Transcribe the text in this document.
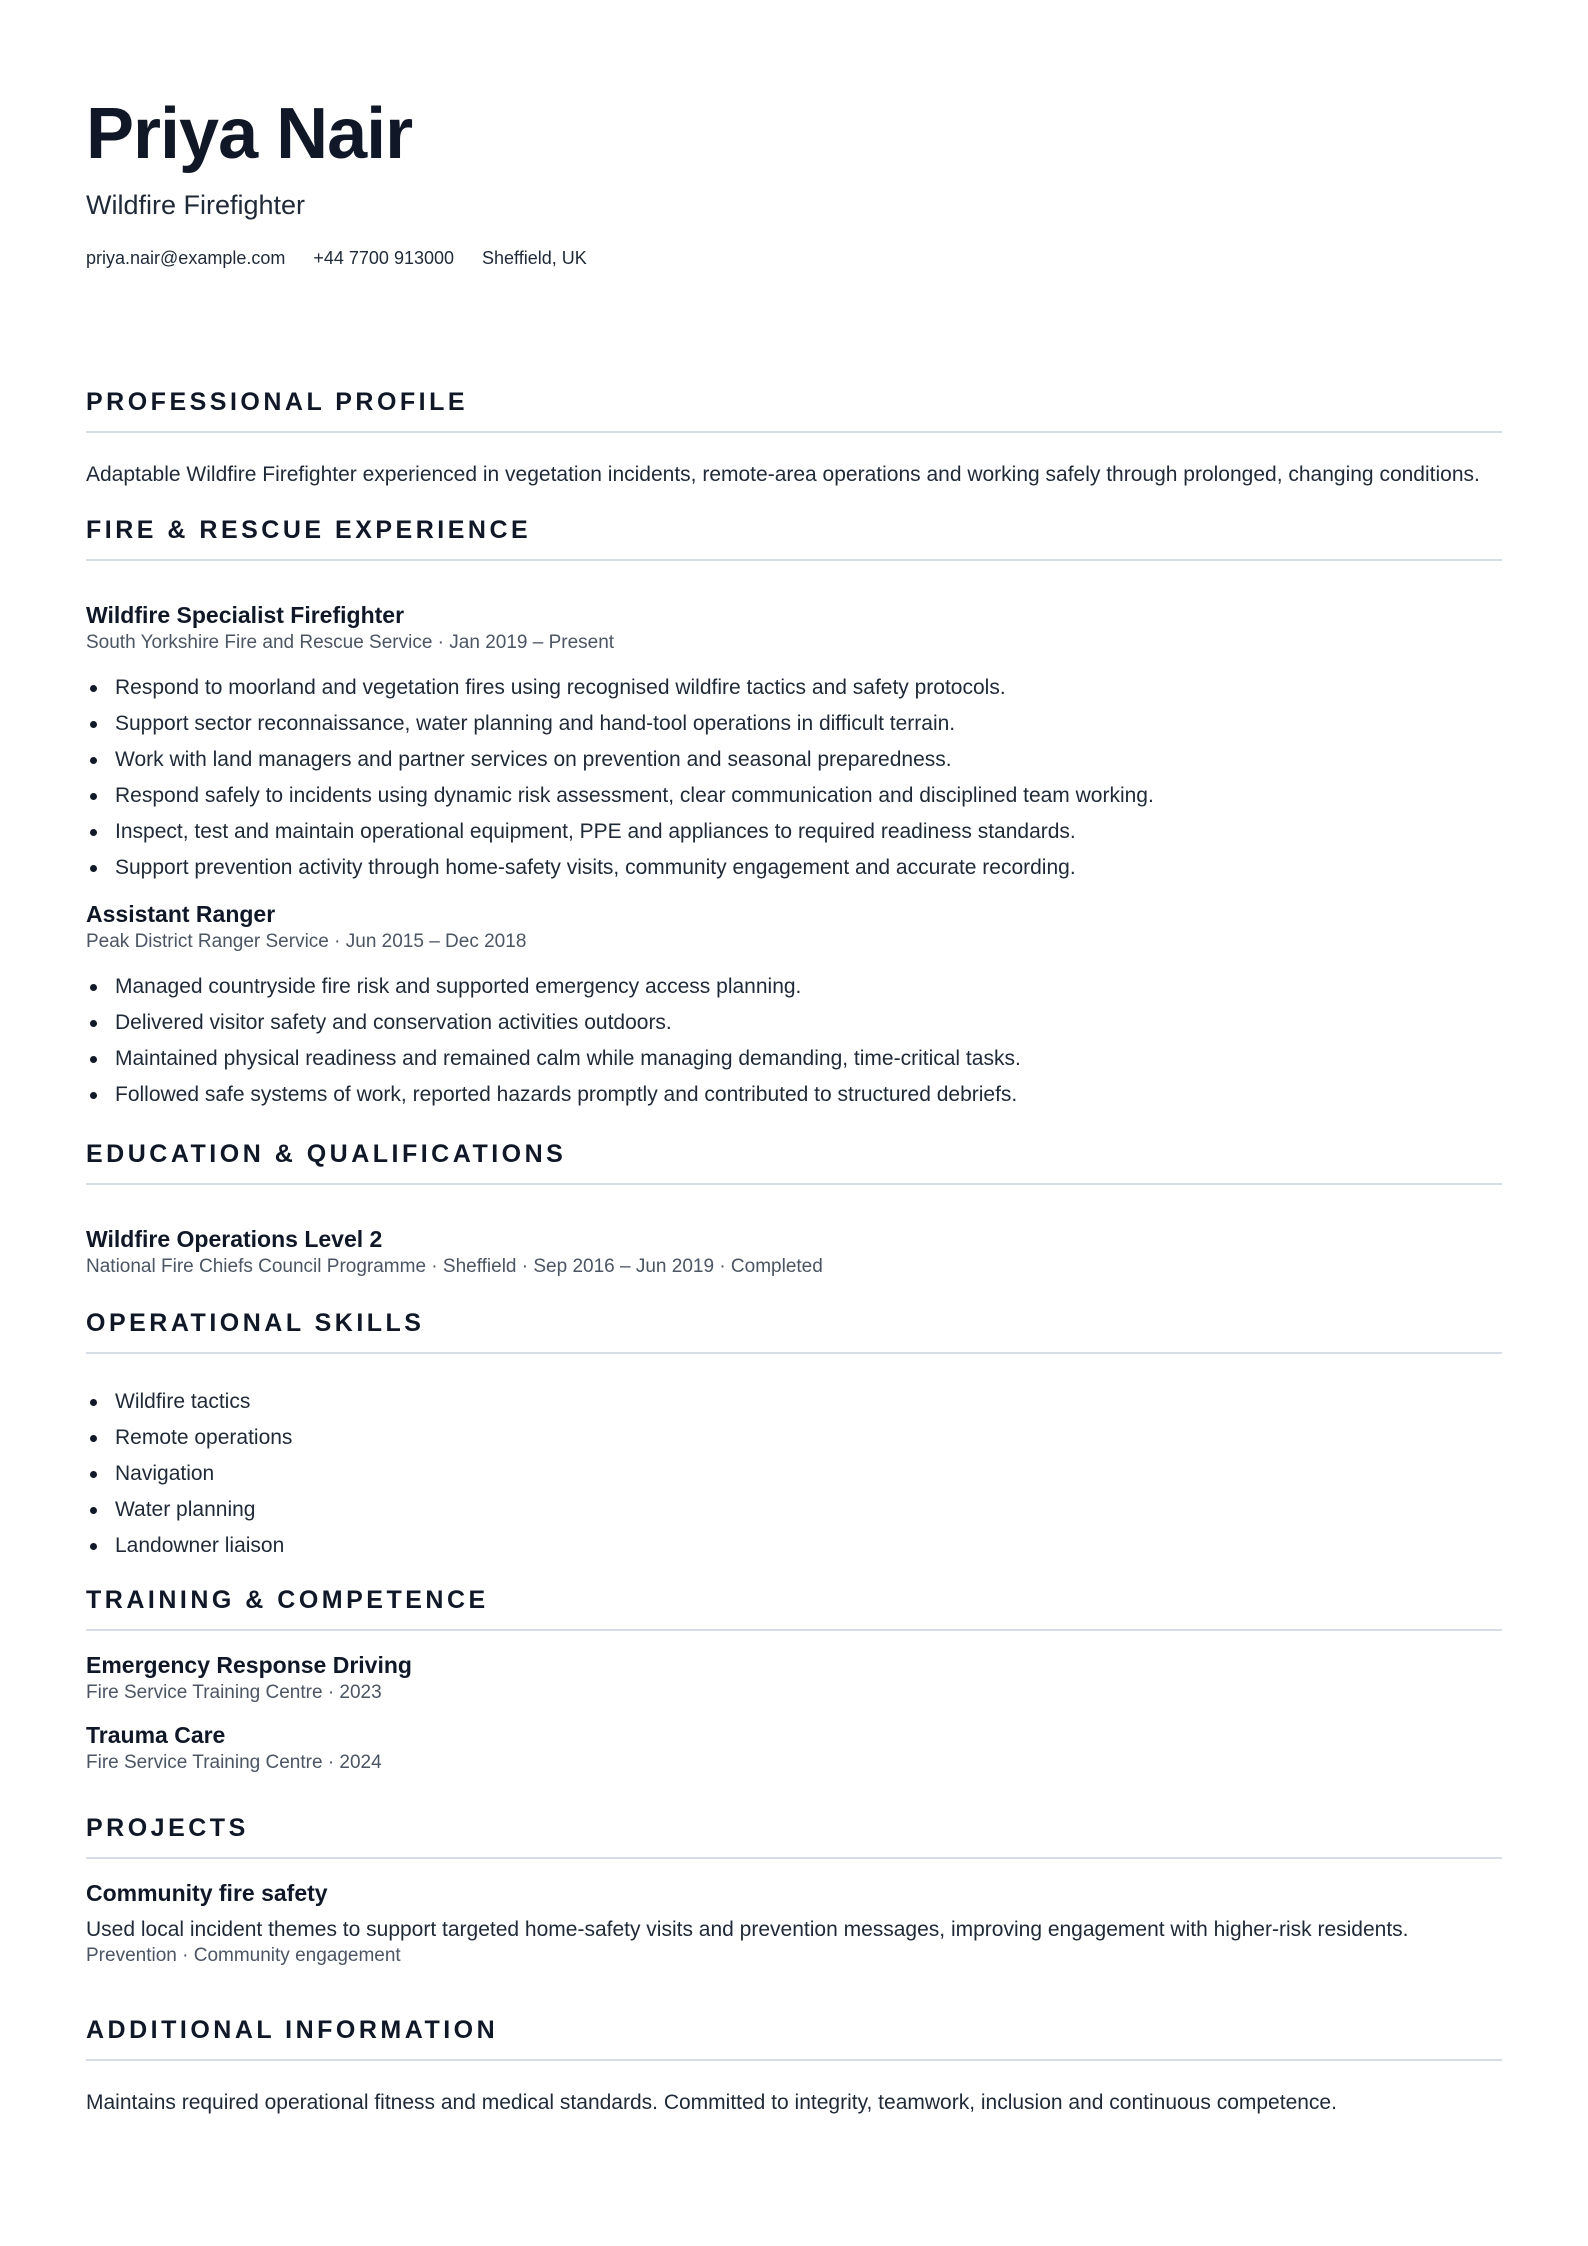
Priya Nair
Wildfire Firefighter
priya.nair@example.com +44 7700 913000 Sheffield, UK
PROFESSIONAL PROFILE

Adaptable Wildfire Firefighter experienced in vegetation incidents, remote-area operations and working safely through prolonged, changing conditions.

FIRE & RESCUE EXPERIENCE
Wildfire Specialist Firefighter
South Yorkshire Fire and Rescue Service · Jan 2019 – Present
Respond to moorland and vegetation fires using recognised wildfire tactics and safety protocols.
Support sector reconnaissance, water planning and hand-tool operations in difficult terrain.
Work with land managers and partner services on prevention and seasonal preparedness.
Respond safely to incidents using dynamic risk assessment, clear communication and disciplined team working.
Inspect, test and maintain operational equipment, PPE and appliances to required readiness standards.
Support prevention activity through home-safety visits, community engagement and accurate recording.
Assistant Ranger
Peak District Ranger Service · Jun 2015 – Dec 2018
Managed countryside fire risk and supported emergency access planning.
Delivered visitor safety and conservation activities outdoors.
Maintained physical readiness and remained calm while managing demanding, time-critical tasks.
Followed safe systems of work, reported hazards promptly and contributed to structured debriefs.
EDUCATION & QUALIFICATIONS
Wildfire Operations Level 2
National Fire Chiefs Council Programme · Sheffield · Sep 2016 – Jun 2019 · Completed
OPERATIONAL SKILLS
Wildfire tactics
Remote operations
Navigation
Water planning
Landowner liaison
TRAINING & COMPETENCE
Emergency Response Driving
Fire Service Training Centre · 2023
Trauma Care
Fire Service Training Centre · 2024
PROJECTS
Community fire safety

Used local incident themes to support targeted home-safety visits and prevention messages, improving engagement with higher-risk residents.

Prevention · Community engagement
ADDITIONAL INFORMATION

Maintains required operational fitness and medical standards. Committed to integrity, teamwork, inclusion and continuous competence.
